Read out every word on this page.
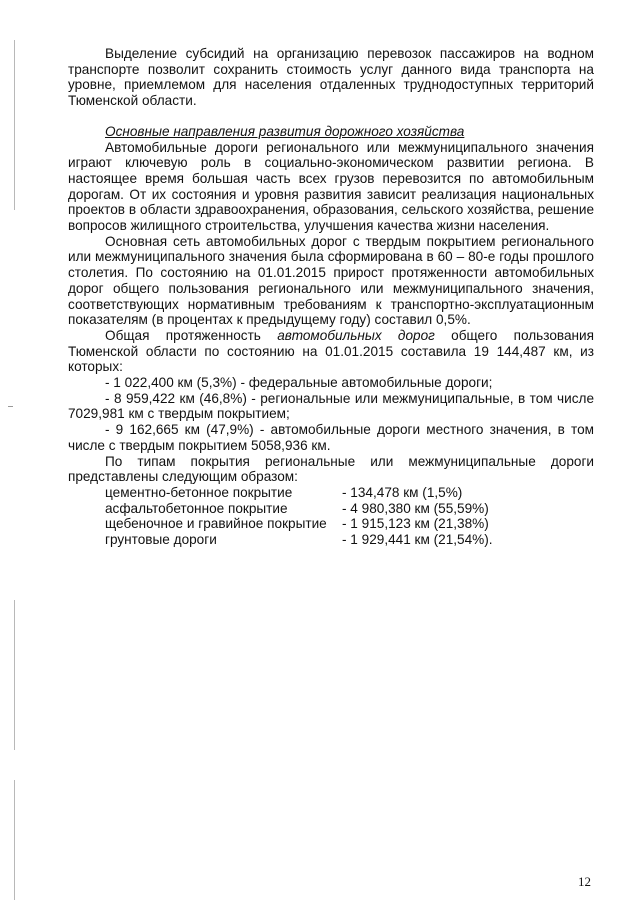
Выделение субсидий на организацию перевозок пассажиров на водном транспорте позволит сохранить стоимость услуг данного вида транспорта на уровне, приемлемом для населения отдаленных труднодоступных территорий Тюменской области.

Основные направления развития дорожного хозяйства

Автомобильные дороги регионального или межмуниципального значения играют ключевую роль в социально-экономическом развитии региона. В настоящее время большая часть всех грузов перевозится по автомобильным дорогам. От их состояния и уровня развития зависит реализация национальных проектов в области здравоохранения, образования, сельского хозяйства, решение вопросов жилищного строительства, улучшения качества жизни населения.

Основная сеть автомобильных дорог с твердым покрытием регионального или межмуниципального значения была сформирована в 60 – 80-е годы прошлого столетия. По состоянию на 01.01.2015 прирост протяженности автомобильных дорог общего пользования регионального или межмуниципального значения, соответствующих нормативным требованиям к транспортно-эксплуатационным показателям (в процентах к предыдущему году) составил 0,5%.

Общая протяженность автомобильных дорог общего пользования Тюменской области по состоянию на 01.01.2015 составила 19 144,487 км, из которых:

- 1 022,400 км (5,3%) - федеральные автомобильные дороги;

- 8 959,422 км (46,8%) - региональные или межмуниципальные, в том числе 7029,981 км с твердым покрытием;

- 9 162,665 км (47,9%) - автомобильные дороги местного значения, в том числе с твердым покрытием 5058,936 км.

По типам покрытия региональные или межмуниципальные дороги представлены следующим образом:

цементно-бетонное покрытие	- 134,478 км (1,5%)
асфальтобетонное покрытие	- 4 980,380 км (55,59%)
щебеночное и гравийное покрытие	- 1 915,123 км (21,38%)
грунтовые дороги	- 1 929,441 км (21,54%).
12
